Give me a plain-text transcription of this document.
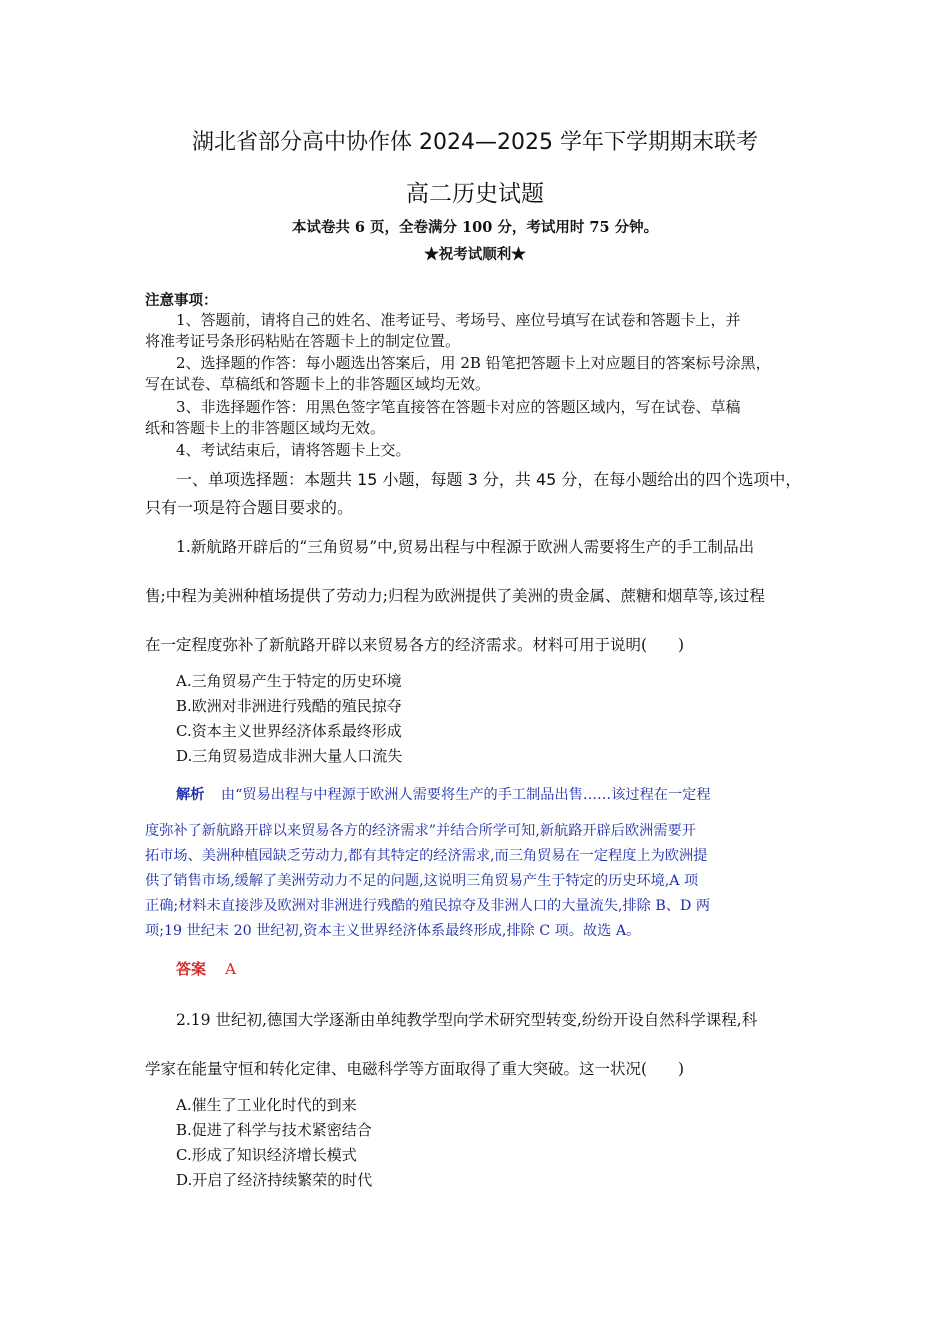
湖北省部分高中协作体 2024—2025 学年下学期期末联考
高二历史试题
本试卷共 6 页，全卷满分 100 分，考试用时 75 分钟。
★祝考试顺利★
注意事项：
1、答题前，请将自己的姓名、准考证号、考场号、座位号填写在试卷和答题卡上，并
将准考证号条形码粘贴在答题卡上的制定位置。
2、选择题的作答：每小题选出答案后，用 2B 铅笔把答题卡上对应题目的答案标号涂黑，
写在试卷、草稿纸和答题卡上的非答题区域均无效。
3、非选择题作答：用黑色签字笔直接答在答题卡对应的答题区域内，写在试卷、草稿
纸和答题卡上的非答题区域均无效。
4、考试结束后，请将答题卡上交。
一、单项选择题：本题共 15 小题，每题 3 分，共 45 分，在每小题给出的四个选项中，
只有一项是符合题目要求的。
1.新航路开辟后的“三角贸易”中,贸易出程与中程源于欧洲人需要将生产的手工制品出
售;中程为美洲种植场提供了劳动力;归程为欧洲提供了美洲的贵金属、蔗糖和烟草等,该过程
在一定程度弥补了新航路开辟以来贸易各方的经济需求。材料可用于说明(　　)
A.三角贸易产生于特定的历史环境
B.欧洲对非洲进行残酷的殖民掠夺
C.资本主义世界经济体系最终形成
D.三角贸易造成非洲大量人口流失
解析 由“贸易出程与中程源于欧洲人需要将生产的手工制品出售……该过程在一定程
度弥补了新航路开辟以来贸易各方的经济需求”并结合所学可知,新航路开辟后欧洲需要开
拓市场、美洲种植园缺乏劳动力,都有其特定的经济需求,而三角贸易在一定程度上为欧洲提
供了销售市场,缓解了美洲劳动力不足的问题,这说明三角贸易产生于特定的历史环境,A 项
正确;材料未直接涉及欧洲对非洲进行残酷的殖民掠夺及非洲人口的大量流失,排除 B、D 两
项;19 世纪末 20 世纪初,资本主义世界经济体系最终形成,排除 C 项。故选 A。
答案 A
2.19 世纪初,德国大学逐渐由单纯教学型向学术研究型转变,纷纷开设自然科学课程,科
学家在能量守恒和转化定律、电磁科学等方面取得了重大突破。这一状况(　　)
A.催生了工业化时代的到来
B.促进了科学与技术紧密结合
C.形成了知识经济增长模式
D.开启了经济持续繁荣的时代
